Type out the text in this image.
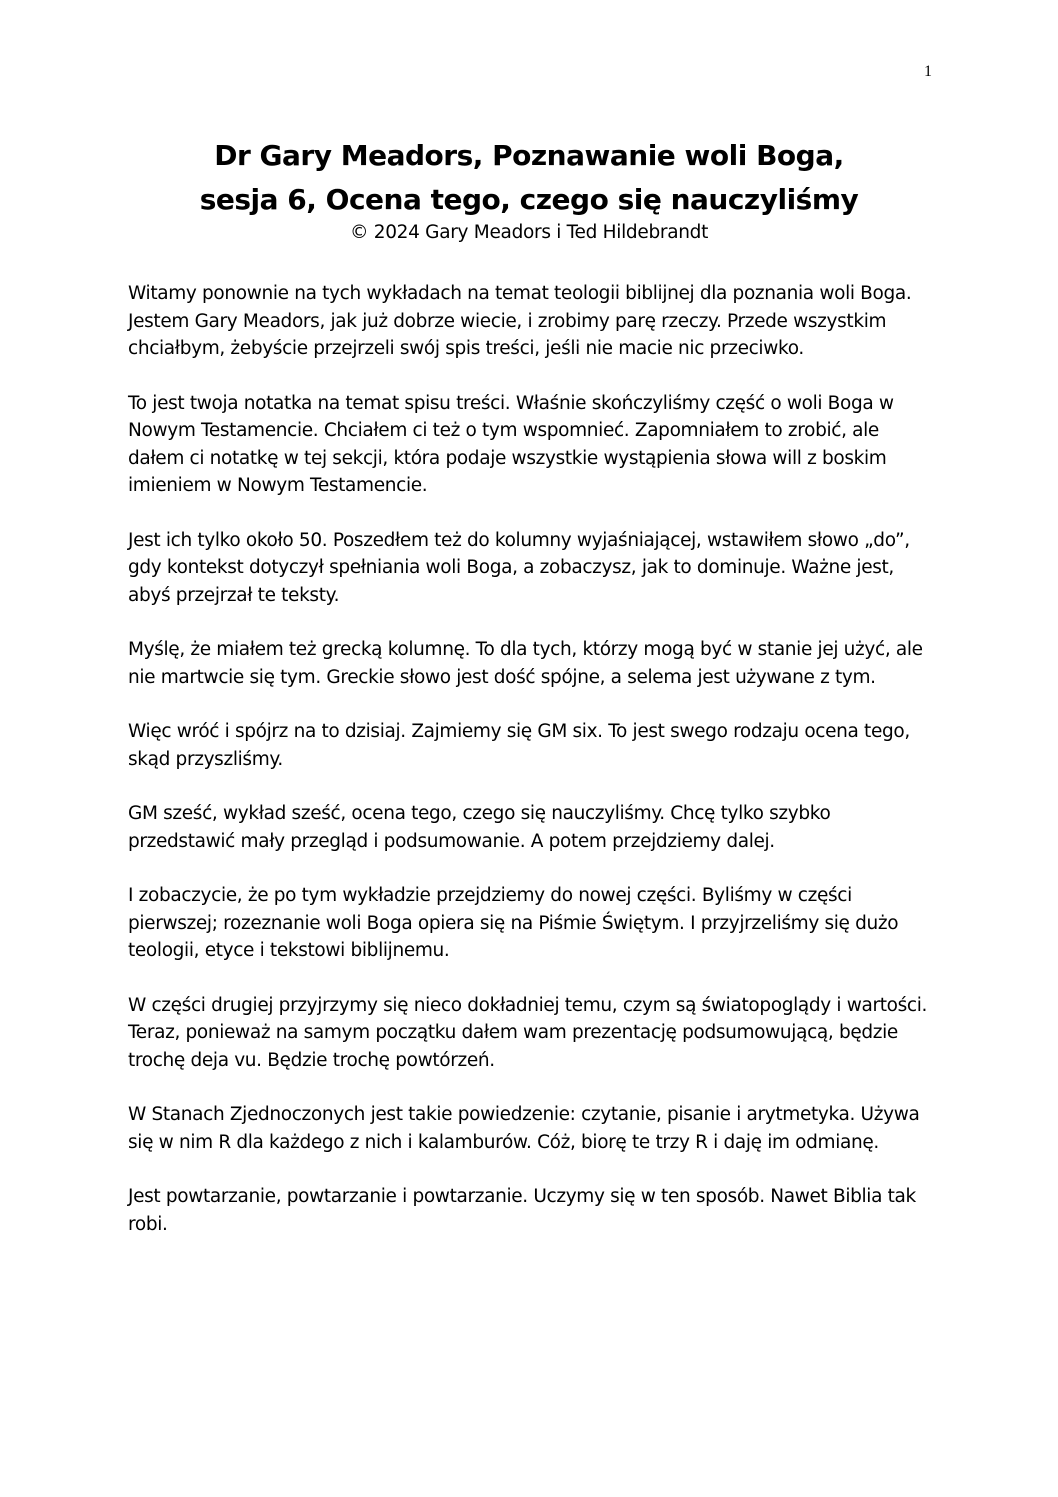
1
Dr Gary Meadors, Poznawanie woli Boga,
sesja 6, Ocena tego, czego się nauczyliśmy
© 2024 Gary Meadors i Ted Hildebrandt

Witamy ponownie na tych wykładach na temat teologii biblijnej dla poznania woli Boga. Jestem Gary Meadors, jak już dobrze wiecie, i zrobimy parę rzeczy. Przede wszystkim chciałbym, żebyście przejrzeli swój spis treści, jeśli nie macie nic przeciwko.

To jest twoja notatka na temat spisu treści. Właśnie skończyliśmy część o woli Boga w Nowym Testamencie. Chciałem ci też o tym wspomnieć. Zapomniałem to zrobić, ale dałem ci notatkę w tej sekcji, która podaje wszystkie wystąpienia słowa will z boskim imieniem w Nowym Testamencie.

Jest ich tylko około 50. Poszedłem też do kolumny wyjaśniającej, wstawiłem słowo „do”, gdy kontekst dotyczył spełniania woli Boga, a zobaczysz, jak to dominuje. Ważne jest, abyś przejrzał te teksty.

Myślę, że miałem też grecką kolumnę. To dla tych, którzy mogą być w stanie jej użyć, ale nie martwcie się tym. Greckie słowo jest dość spójne, a selema jest używane z tym.

Więc wróć i spójrz na to dzisiaj. Zajmiemy się GM six. To jest swego rodzaju ocena tego, skąd przyszliśmy.

GM sześć, wykład sześć, ocena tego, czego się nauczyliśmy. Chcę tylko szybko przedstawić mały przegląd i podsumowanie. A potem przejdziemy dalej.

I zobaczycie, że po tym wykładzie przejdziemy do nowej części. Byliśmy w części pierwszej; rozeznanie woli Boga opiera się na Piśmie Świętym. I przyjrzeliśmy się dużo teologii, etyce i tekstowi biblijnemu.

W części drugiej przyjrzymy się nieco dokładniej temu, czym są światopoglądy i wartości. Teraz, ponieważ na samym początku dałem wam prezentację podsumowującą, będzie trochę deja vu. Będzie trochę powtórzeń.

W Stanach Zjednoczonych jest takie powiedzenie: czytanie, pisanie i arytmetyka. Używa się w nim R dla każdego z nich i kalamburów. Cóż, biorę te trzy R i daję im odmianę.

Jest powtarzanie, powtarzanie i powtarzanie. Uczymy się w ten sposób. Nawet Biblia tak robi.
